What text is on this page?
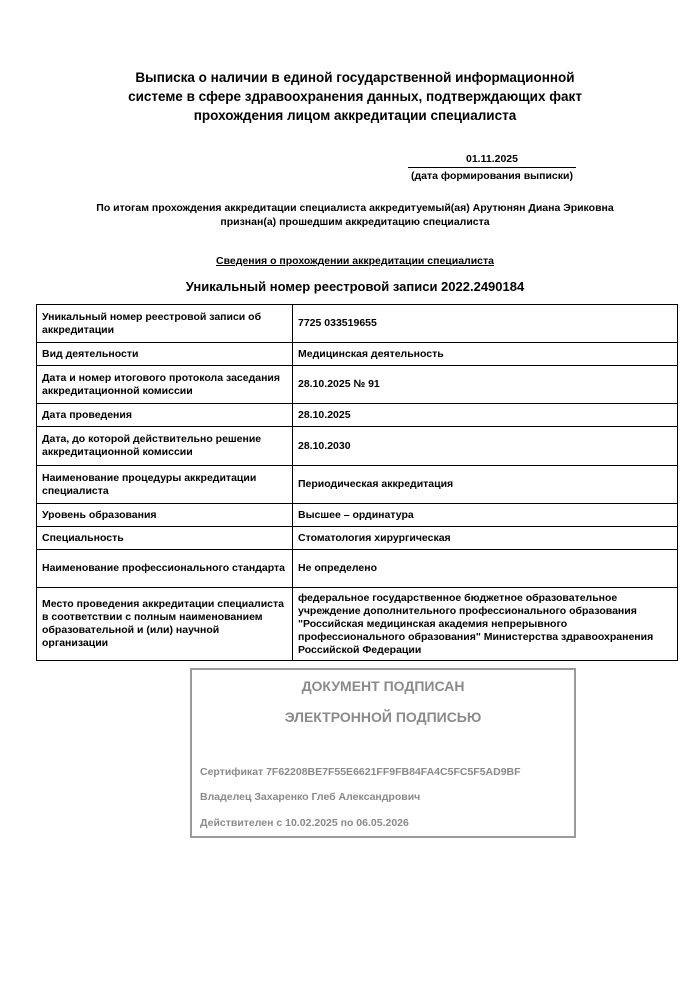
Выписка о наличии в единой государственной информационной
системе в сфере здравоохранения данных, подтверждающих факт
прохождения лицом аккредитации специалиста
01.11.2025
(дата формирования выписки)
По итогам прохождения аккредитации специалиста аккредитуемый(ая) Арутюнян Диана Эриковна
признан(а) прошедшим аккредитацию специалиста
Сведения о прохождении аккредитации специалиста
Уникальный номер реестровой записи 2022.2490184
Уникальный номер реестровой записи об аккредитации	7725 033519655
Вид деятельности	Медицинская деятельность
Дата и номер итогового протокола заседания аккредитационной комиссии	28.10.2025 № 91
Дата проведения	28.10.2025
Дата, до которой действительно решение аккредитационной комиссии	28.10.2030
Наименование процедуры аккредитации специалиста	Периодическая аккредитация
Уровень образования	Высшее – ординатура
Специальность	Стоматология хирургическая
Наименование профессионального стандарта	Не определено
Место проведения аккредитации специалиста в соответствии с полным наименованием образовательной и (или) научной организации	федеральное государственное бюджетное образовательное учреждение дополнительного профессионального образования "Российская медицинская академия непрерывного профессионального образования" Министерства здравоохранения Российской Федерации
ДОКУМЕНТ ПОДПИСАН
ЭЛЕКТРОННОЙ ПОДПИСЬЮ
Сертификат 7F62208BE7F55E6621FF9FB84FA4C5FC5F5AD9BF
Владелец Захаренко Глеб Александрович
Действителен с 10.02.2025 по 06.05.2026
